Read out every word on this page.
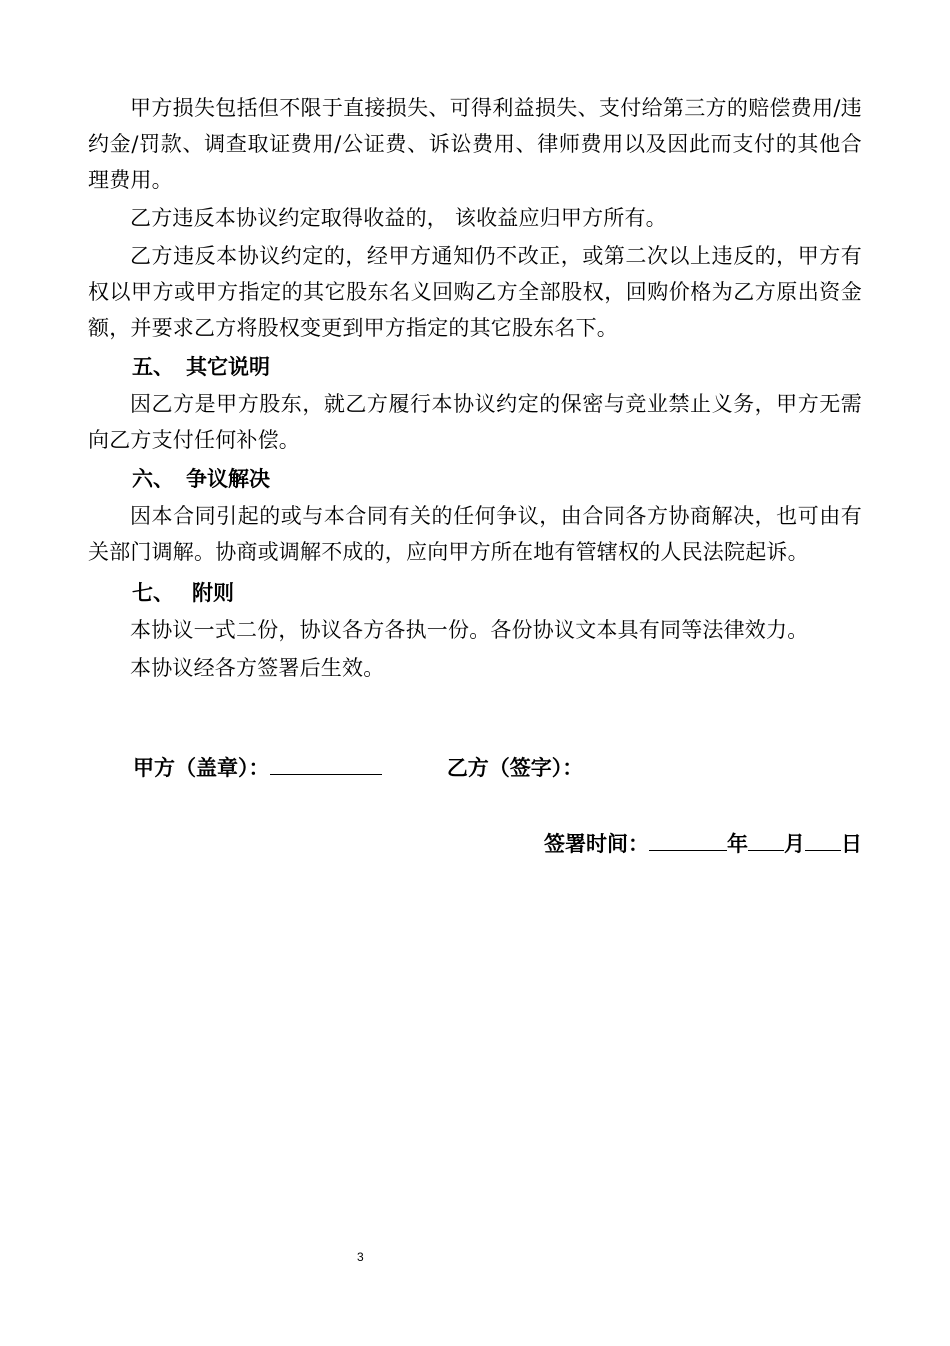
甲方损失包括但不限于直接损失、可得利益损失、支付给第三方的赔偿费用/违约金/罚款、调查取证费用/公证费、诉讼费用、律师费用以及因此而支付的其他合理费用。

乙方违反本协议约定取得收益的， 该收益应归甲方所有。

乙方违反本协议约定的，经甲方通知仍不改正，或第二次以上违反的，甲方有权以甲方或甲方指定的其它股东名义回购乙方全部股权，回购价格为乙方原出资金额，并要求乙方将股权变更到甲方指定的其它股东名下。

五、 其它说明

因乙方是甲方股东，就乙方履行本协议约定的保密与竞业禁止义务，甲方无需向乙方支付任何补偿。

六、 争议解决

因本合同引起的或与本合同有关的任何争议，由合同各方协商解决，也可由有关部门调解。协商或调解不成的，应向甲方所在地有管辖权的人民法院起诉。

七、 附则

本协议一式二份，协议各方各执一份。各份协议文本具有同等法律效力。

本协议经各方签署后生效。

甲方（盖章）：	乙方（签字）：
签署时间：	年 月 日
3
